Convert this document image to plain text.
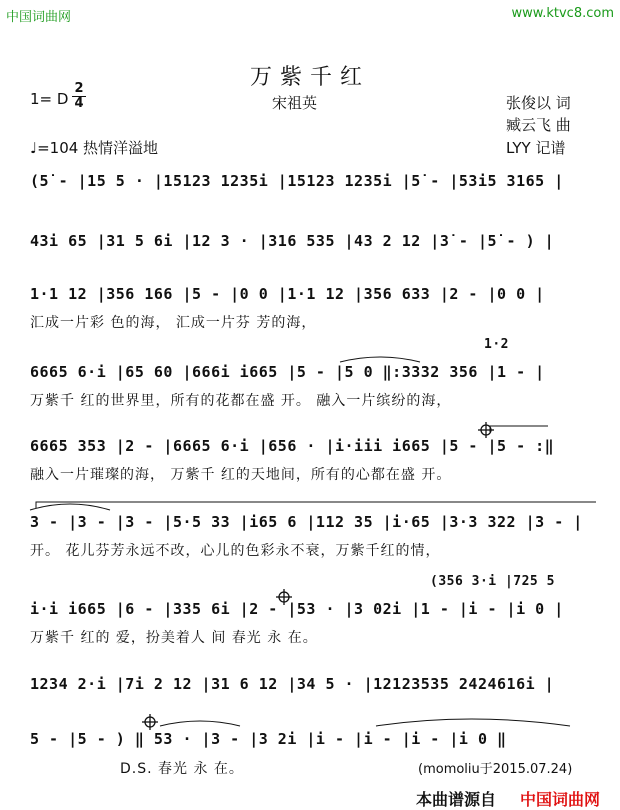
中国词曲网	www.ktvc8.com
万紫千红
1= D
2
4	宋祖英	张俊以 词
臧云飞 曲
♩=104 热情洋溢地	LYY 记谱
(5̇ - |15 5 · |15123 1235i |15123 1235i |5̇ - |53i5 3165 |
43i 65 |31 5 6i |12 3 · |316 535 |43 2 12 |3̇ - |5̇ - ) |
1·1 12 |356 166 |5 - |0 0 |1·1 12 |356 633 |2 - |0 0 |
汇成一片彩 色的海， 汇成一片芬 芳的海，
1·2
6665 6·i |65 60 |666i i665 |5 - |5 0 ‖:3332 356 |1 - |
万紫千 红的世界里，所有的花都在盛 开。 融入一片缤纷的海，
6665 353 |2 - |6665 6·i |656 · |i·iii i665 |5 - |5 - :‖
融入一片璀璨的海， 万紫千 红的天地间，所有的心都在盛 开。
3 - |3 - |3 - |5·5 33 |i65 6 |112 35 |i·65 |3·3 322 |3 - |
开。 花儿芬芳永远不改，心儿的色彩永不衰，万紫千红的情，
(356 3·i |725 5
i·i i665 |6 - |335 6i |2 - |53 · |3 02i |1 - |i - |i 0 |
万紫千 红的 爱，扮美着人 间 春光 永 在。
1234 2·i |7i 2 12 |31 6 12 |34 5 · |12123535 2424616i |
5 - |5 - ) ‖ 53 · |3 - |3 2i |i - |i - |i - |i 0 ‖
D.S. 春光 永 在。	(momoliu于2015.07.24)
本曲谱源自 中国词曲网
